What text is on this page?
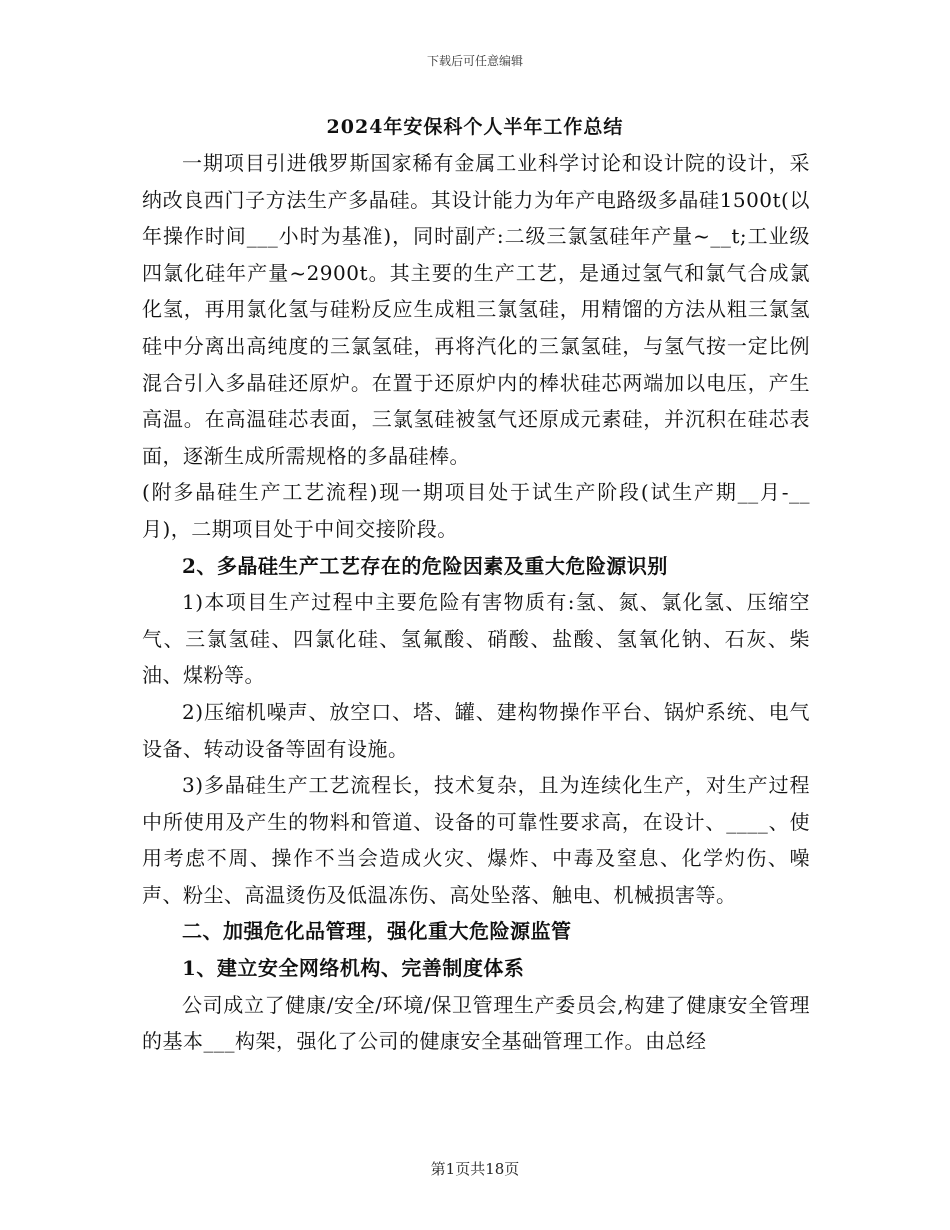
下载后可任意编辑
2024年安保科个人半年工作总结

一期项目引进俄罗斯国家稀有金属工业科学讨论和设计院的设计，采纳改良西门子方法生产多晶硅。其设计能力为年产电路级多晶硅1500t(以年操作时间___小时为基准)，同时副产:二级三氯氢硅年产量~__t;工业级四氯化硅年产量~2900t。其主要的生产工艺，是通过氢气和氯气合成氯化氢，再用氯化氢与硅粉反应生成粗三氯氢硅，用精馏的方法从粗三氯氢硅中分离出高纯度的三氯氢硅，再将汽化的三氯氢硅，与氢气按一定比例混合引入多晶硅还原炉。在置于还原炉内的棒状硅芯两端加以电压，产生高温。在高温硅芯表面，三氯氢硅被氢气还原成元素硅，并沉积在硅芯表面，逐渐生成所需规格的多晶硅棒。

(附多晶硅生产工艺流程)现一期项目处于试生产阶段(试生产期__月-__月)，二期项目处于中间交接阶段。

2、多晶硅生产工艺存在的危险因素及重大危险源识别

1)本项目生产过程中主要危险有害物质有:氢、氮、氯化氢、压缩空气、三氯氢硅、四氯化硅、氢氟酸、硝酸、盐酸、氢氧化钠、石灰、柴油、煤粉等。

2)压缩机噪声、放空口、塔、罐、建构物操作平台、锅炉系统、电气设备、转动设备等固有设施。

3)多晶硅生产工艺流程长，技术复杂，且为连续化生产，对生产过程中所使用及产生的物料和管道、设备的可靠性要求高，在设计、____、使用考虑不周、操作不当会造成火灾、爆炸、中毒及窒息、化学灼伤、噪声、粉尘、高温烫伤及低温冻伤、高处坠落、触电、机械损害等。

二、加强危化品管理，强化重大危险源监管

1、建立安全网络机构、完善制度体系

公司成立了健康/安全/环境/保卫管理生产委员会,构建了健康安全管理的基本___构架，强化了公司的健康安全基础管理工作。由总经

第1页共18页
